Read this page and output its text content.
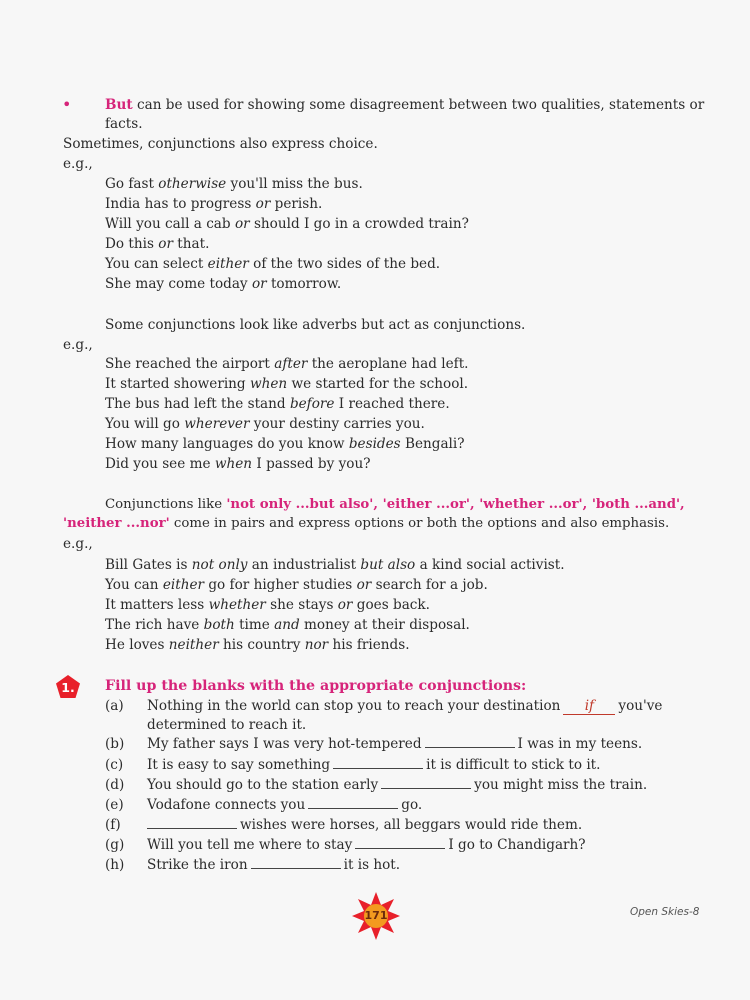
• But can be used for showing some disagreement between two qualities, statements or
facts.
Sometimes, conjunctions also express choice.
e.g.,
Go fast otherwise you'll miss the bus.
India has to progress or perish.
Will you call a cab or should I go in a crowded train?
Do this or that.
You can select either of the two sides of the bed.
She may come today or tomorrow.
Some conjunctions look like adverbs but act as conjunctions.
e.g.,
She reached the airport after the aeroplane had left.
It started showering when we started for the school.
The bus had left the stand before I reached there.
You will go wherever your destiny carries you.
How many languages do you know besides Bengali?
Did you see me when I passed by you?
Conjunctions like 'not only ...but also', 'either ...or', 'whether ...or', 'both ...and',
'neither ...nor' come in pairs and express options or both the options and also emphasis.
e.g.,
Bill Gates is not only an industrialist but also a kind social activist.
You can either go for higher studies or search for a job.
It matters less whether she stays or goes back.
The rich have both time and money at their disposal.
He loves neither his country nor his friends.
1.	Fill up the blanks with the appropriate conjunctions:
(a) Nothing in the world can stop you to reach your destination if you've
determined to reach it.
(b) My father says I was very hot-tempered	I was in my teens.
(c) It is easy to say something	it is difficult to stick to it.
(d) You should go to the station early	you might miss the train.
(e) Vodafone connects you	go.
(f)	wishes were horses, all beggars would ride them.
(g) Will you tell me where to stay	I go to Chandigarh?
(h) Strike the iron	it is hot.
171	Open Skies-8
